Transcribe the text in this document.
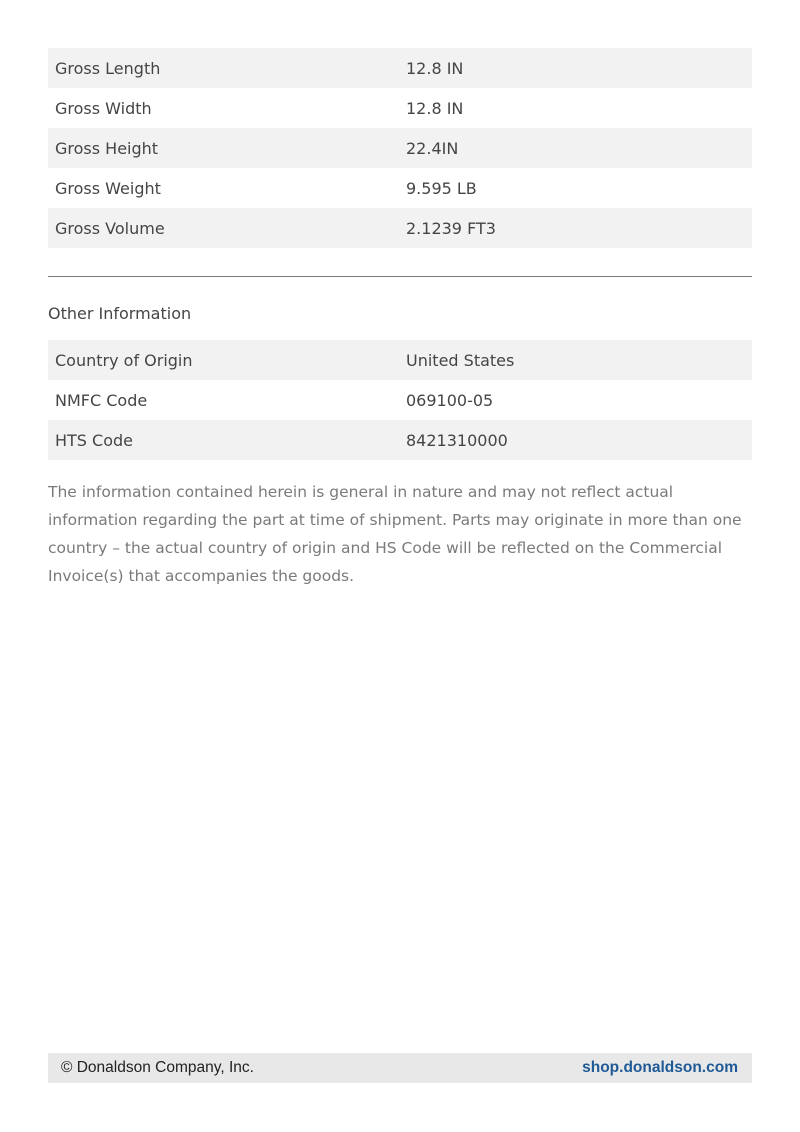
Gross Length	12.8 IN
Gross Width	12.8 IN
Gross Height	22.4IN
Gross Weight	9.595 LB
Gross Volume	2.1239 FT3
Other Information
Country of Origin	United States
NMFC Code	069100-05
HTS Code	8421310000

The information contained herein is general in nature and may not reflect actual information regarding the part at time of shipment. Parts may originate in more than one country – the actual country of origin and HS Code will be reflected on the Commercial Invoice(s) that accompanies the goods.

© Donaldson Company, Inc.	shop.donaldson.com
